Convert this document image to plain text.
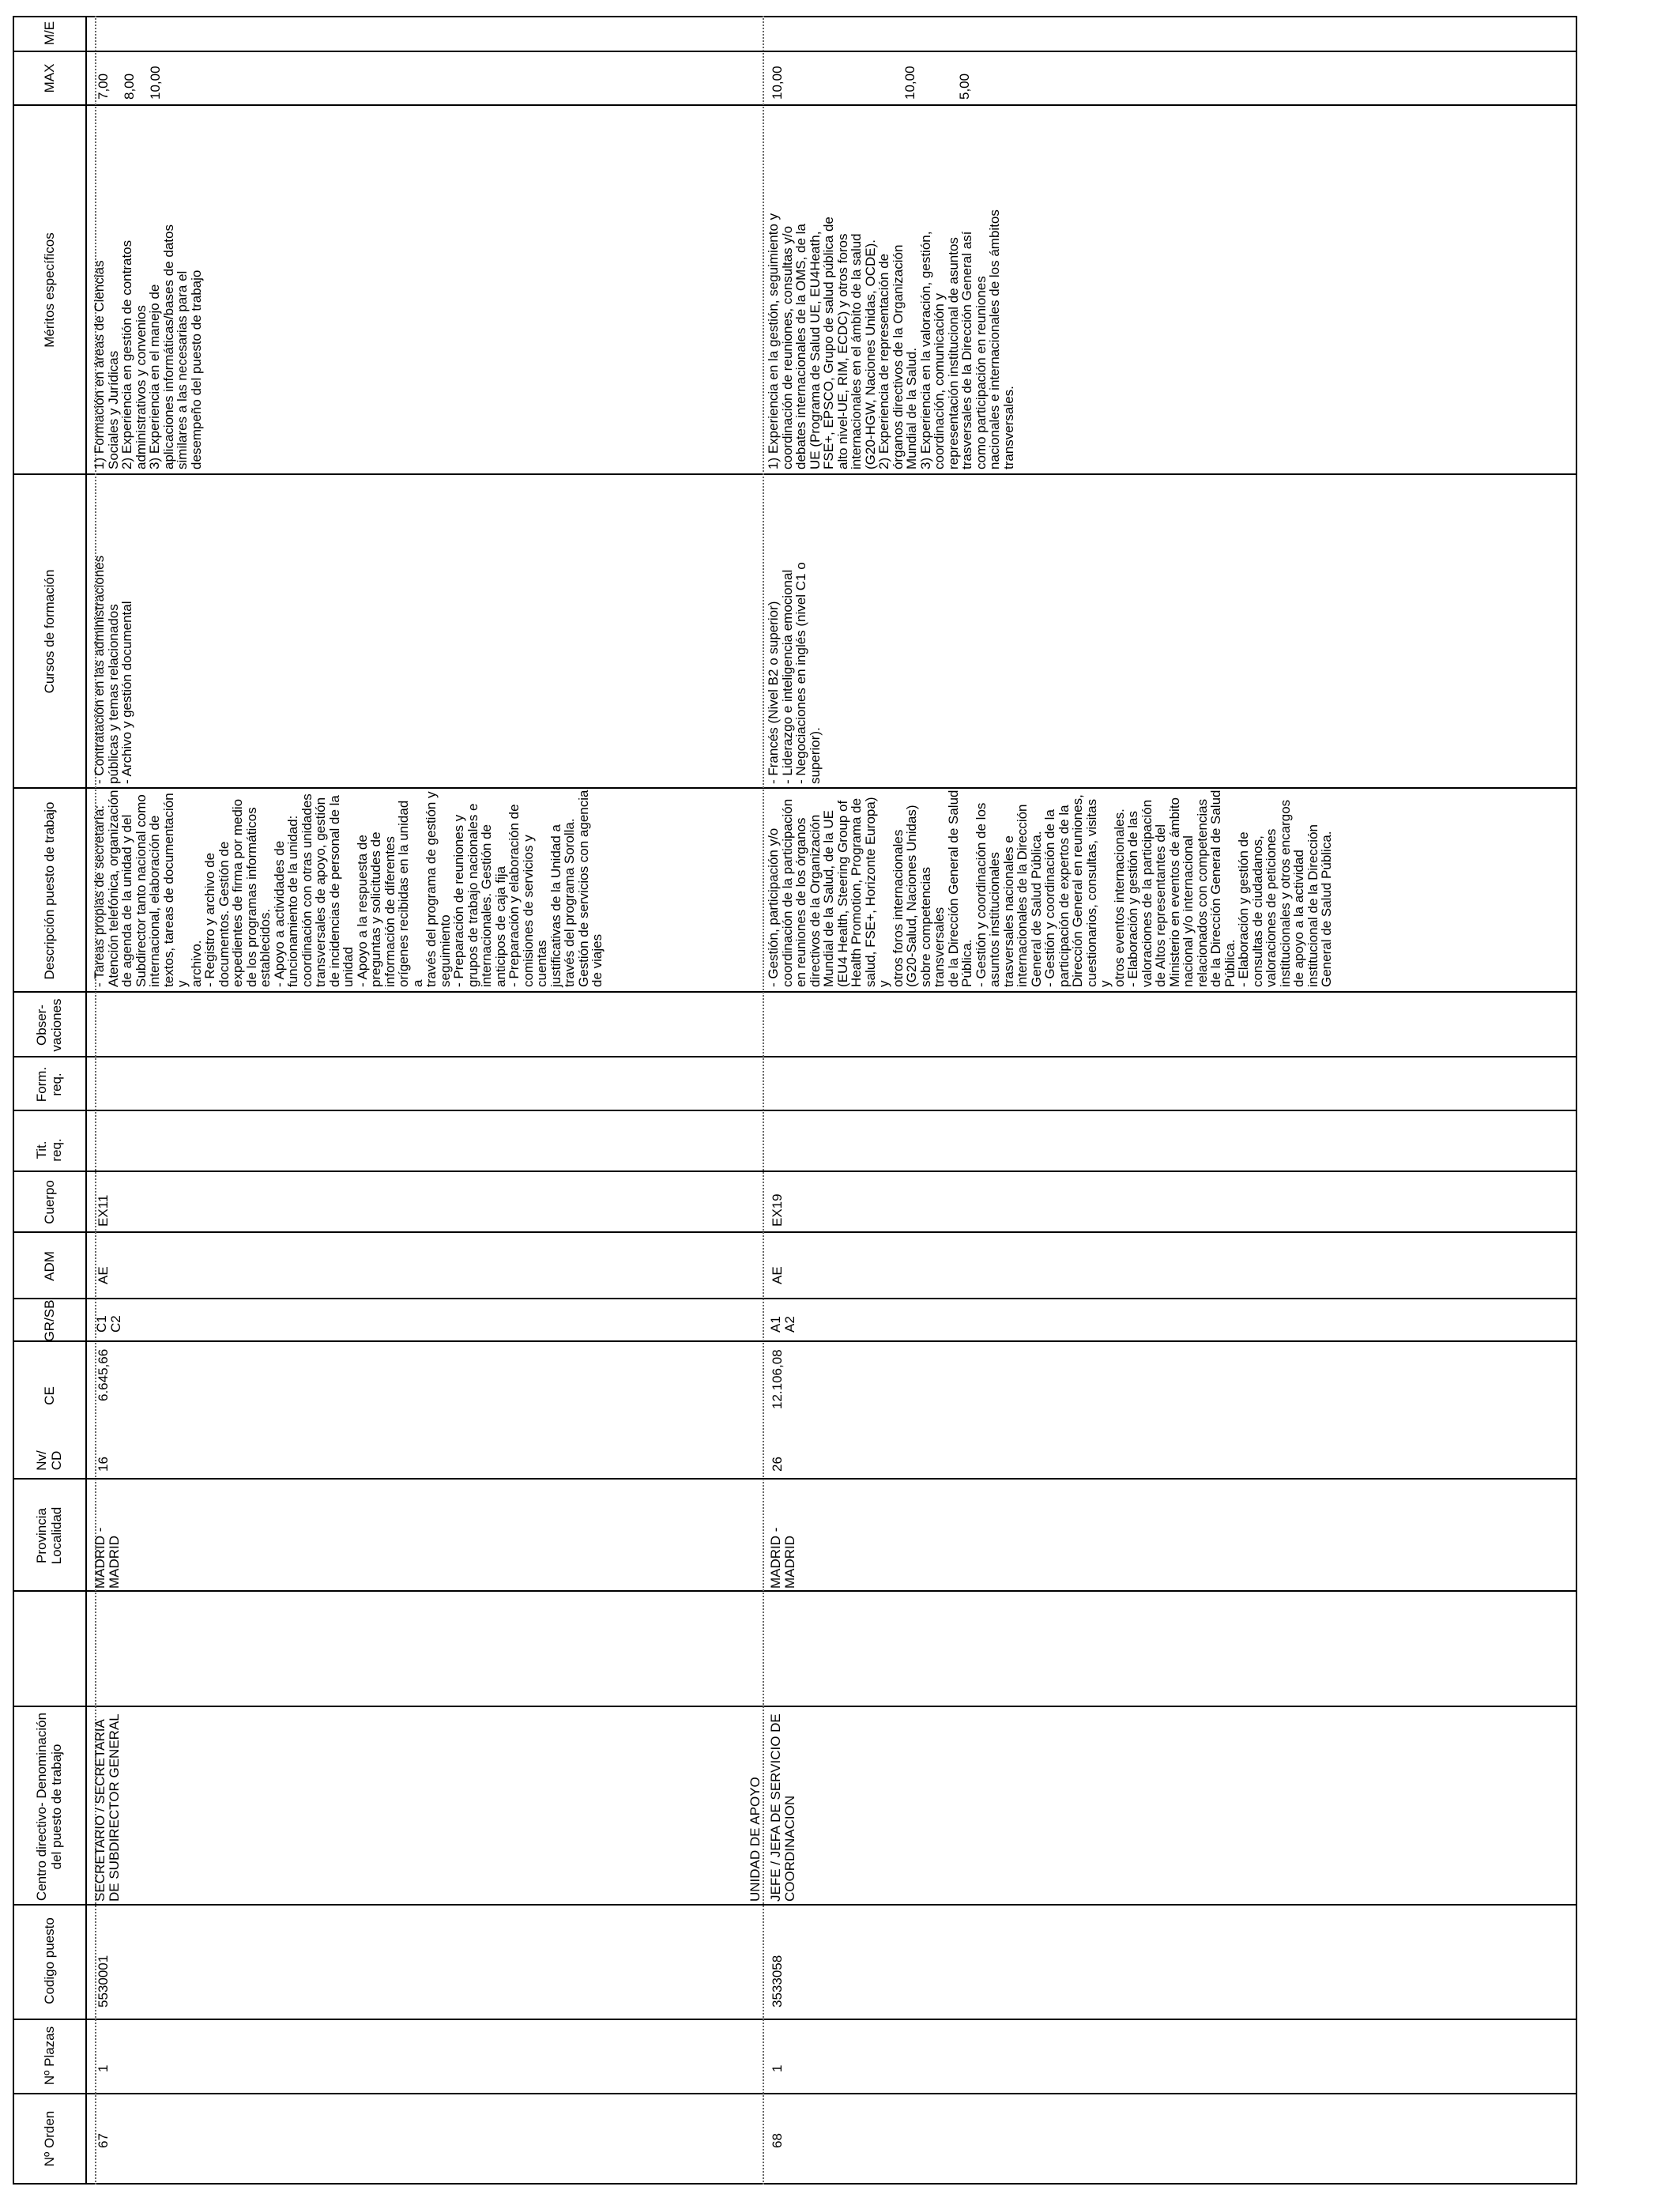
Nº Orden
Nº Plazas
Codigo puesto
Centro directivo- Denominación del puesto de trabajo
Provincia Localidad
Nv/ CD
CE
GR/SB
ADM
Cuerpo
Tit. req.
Form. req.
Obser- vaciones
Descripción puesto de trabajo
Cursos de formación
Méritos específicos
MAX
M/E
67
1
5530001
SECRETARIO / SECRETARIA
DE SUBDIRECTOR GENERAL
MADRID -
MADRID
16
6.645,66
C1
C2
AE
EX11
- Tareas propias de secretaría:
Atención telefónica, organización
de agenda de la unidad y del
Subdirector tanto nacional como
internacional, elaboración de
textos, tareas de documentación y
archivo.
- Registro y archivo de
documentos. Gestión de
expedientes de firma por medio
de los programas informáticos
establecidos.
- Apoyo a actividades de
funcionamiento de la unidad:
coordinación con otras unidades
transversales de apoyo, gestión
de incidencias de personal de la
unidad
- Apoyo a la respuesta de
preguntas y solicitudes de
información de diferentes
orígenes recibidas en la unidad a
través del programa de gestión y
seguimiento
- Preparación de reuniones y
grupos de trabajo nacionales e
internacionales. Gestión de
anticipos de caja fija
- Preparación y elaboración de
comisiones de servicios y cuentas
justificativas de la Unidad a
través del programa Sorolla.
Gestión de servicios con agencia
de viajes
- Contratación en las administraciones
públicas y temas relacionados
- Archivo y gestión documental
1) Formación en áreas de Ciencias
Sociales y Jurídicas
2) Experiencia en gestión de contratos
administrativos y convenios
3) Experiencia en el manejo de
aplicaciones informáticas/bases de datos
similares a las necesarias para el
desempeño del puesto de trabajo
7,00 8,00 10,00
68
1
3533058
UNIDAD DE APOYO JEFE / JEFA DE SERVICIO DE
COORDINACION
MADRID -
MADRID
26
12.106,08
A1
A2
AE
EX19
- Gestión, participación y/o
coordinación de la participación
en reuniones de los órganos
directivos de la Organización
Mundial de la Salud, de la UE
(EU4 Health, Steering Group of
Health Promotion, Programa de
salud, FSE+, Horizonte Europa) y
otros foros internacionales
(G20-Salud, Naciones Unidas)
sobre competencias transversales
de la Dirección General de Salud
Pública.
- Gestión y coordinación de los
asuntos institucionales
trasversales nacionales e
internacionales de la Dirección
General de Salud Pública.
- Gestión y coordinación de la
participación de expertos de la
Dirección General en reuniones,
cuestionarios, consultas, visitas y
otros eventos internacionales.
- Elaboración y gestión de las
valoraciones de la participación
de Altos representantes del
Ministerio en eventos de ámbito
nacional y/o internacional
relacionados con competencias
de la Dirección General de Salud
Pública.
- Elaboración y gestión de
consultas de ciudadanos,
valoraciones de peticiones
institucionales y otros encargos
de apoyo a la actividad
institucional de la Dirección
General de Salud Pública.
- Francés (Nivel B2 o superior)
- Liderazgo e inteligencia emocional
- Negociaciones en inglés (nivel C1 o
superior).
1) Experiencia en la gestión, seguimiento y
coordinación de reuniones, consultas y/o
debates internacionales de la OMS, de la
UE (Programa de Salud UE, EU4Heath,
FSE+, EPSCO, Grupo de salud pública de
alto nivel-UE, RIM, ECDC) y otros foros
internacionales en el ámbito de la salud
(G20-HGW, Naciones Unidas, OCDE).
2) Experiencia de representación de
órganos directivos de la Organización
Mundial de la Salud.
3) Experiencia en la valoración, gestión,
coordinación, comunicación y
representación institucional de asuntos
trasversales de la Dirección General así
como participación en reuniones
nacionales e internacionales de los ámbitos
transversales.
10,00	10,00	5,00
